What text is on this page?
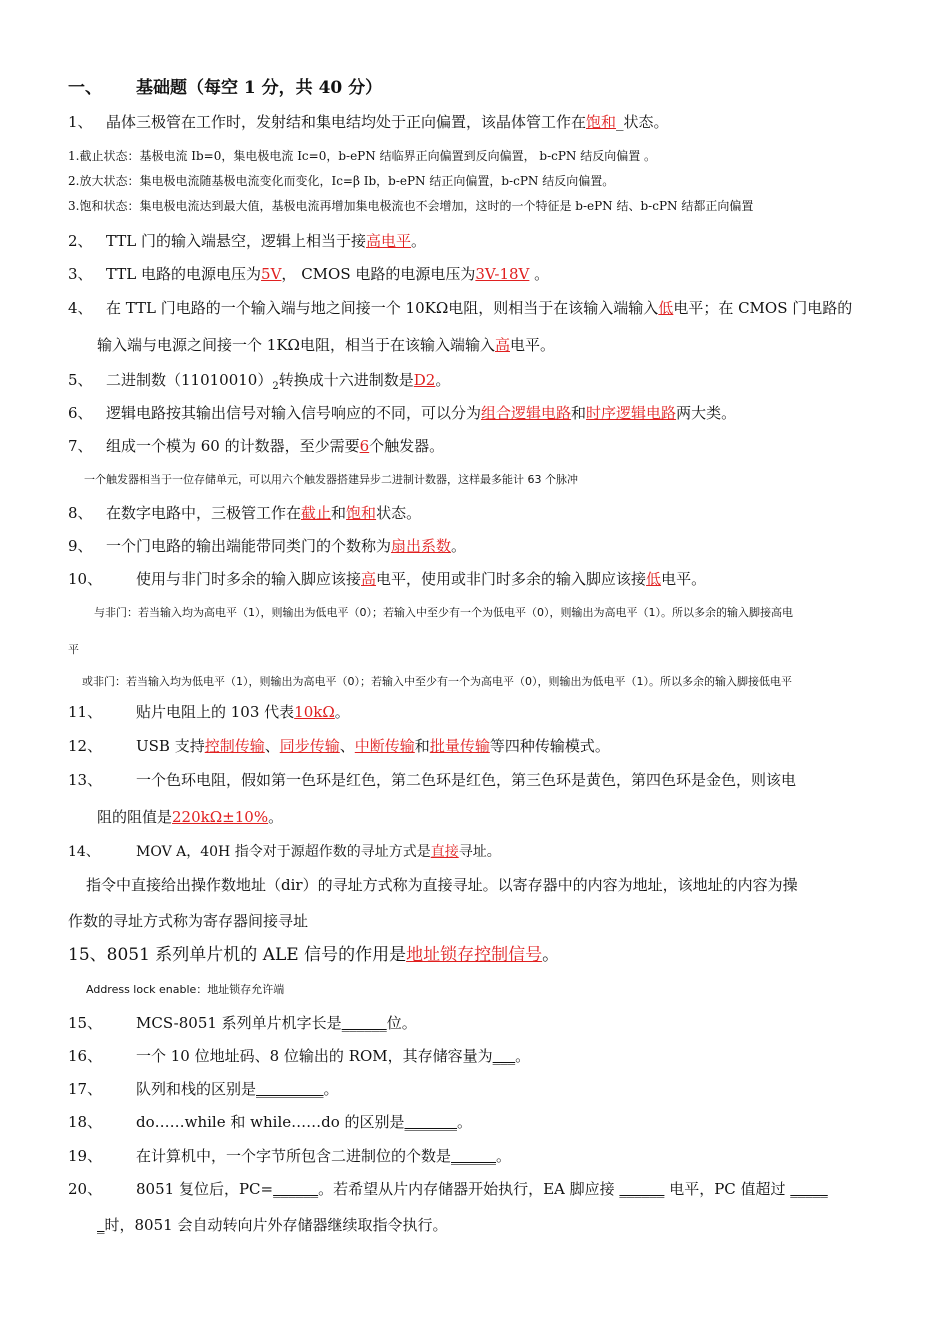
一、 基础题（每空 1 分，共 40 分）
1、 晶体三极管在工作时，发射结和集电结均处于正向偏置，该晶体管工作在饱和_状态。
1.截止状态：基极电流 Ib=0，集电极电流 Ic=0，b-ePN 结临界正向偏置到反向偏置， b-cPN 结反向偏置 。
2.放大状态：集电极电流随基极电流变化而变化，Ic=β Ib，b-ePN 结正向偏置，b-cPN 结反向偏置。
3.饱和状态：集电极电流达到最大值，基极电流再增加集电极流也不会增加，这时的一个特征是 b-ePN 结、b-cPN 结都正向偏置
2、 TTL 门的输入端悬空，逻辑上相当于接高电平。
3、 TTL 电路的电源电压为5V， CMOS 电路的电源电压为3V-18V 。
4、 在 TTL 门电路的一个输入端与地之间接一个 10KΩ电阻，则相当于在该输入端输入低电平；在 CMOS 门电路的
输入端与电源之间接一个 1KΩ电阻，相当于在该输入端输入高电平。
5、 二进制数$(11010010)_2$转换成十六进制数是D2。
6、 逻辑电路按其输出信号对输入信号响应的不同，可以分为组合逻辑电路和时序逻辑电路两大类。
7、 组成一个模为 60 的计数器，至少需要6个触发器。
一个触发器相当于一位存储单元，可以用六个触发器搭建异步二进制计数器，这样最多能计 63 个脉冲
8、 在数字电路中，三极管工作在截止和饱和状态。
9、 一个门电路的输出端能带同类门的个数称为扇出系数。
10、 使用与非门时多余的输入脚应该接高电平，使用或非门时多余的输入脚应该接低电平。
与非门：若当输入均为高电平（1），则输出为低电平（0）；若输入中至少有一个为低电平（0），则输出为高电平（1）。所以多余的输入脚接高电
平
或非门：若当输入均为低电平（1），则输出为高电平（0）；若输入中至少有一个为高电平（0），则输出为低电平（1）。所以多余的输入脚接低电平
11、 贴片电阻上的 103 代表10kΩ。
12、 USB 支持控制传输、同步传输、中断传输和批量传输等四种传输模式。
13、 一个色环电阻，假如第一色环是红色，第二色环是红色，第三色环是黄色，第四色环是金色，则该电
阻的阻值是220kΩ±10%。
14、	MOV A，40H 指令对于源超作数的寻址方式是直接寻址。
指令中直接给出操作数地址（dir）的寻址方式称为直接寻址。以寄存器中的内容为地址，该地址的内容为操
作数的寻址方式称为寄存器间接寻址
15、8051 系列单片机的 ALE 信号的作用是地址锁存控制信号。
Address lock enable：地址锁存允许端
15、 MCS-8051 系列单片机字长是______位。
16、 一个 10 位地址码、8 位输出的 ROM，其存储容量为___。
17、 队列和栈的区别是_________。
18、 do……while 和 while……do 的区别是_______。
19、 在计算机中，一个字节所包含二进制位的个数是______。
20、 8051 复位后，PC=______。若希望从片内存储器开始执行，EA 脚应接 ______ 电平，PC 值超过 _____
_时，8051 会自动转向片外存储器继续取指令执行。
